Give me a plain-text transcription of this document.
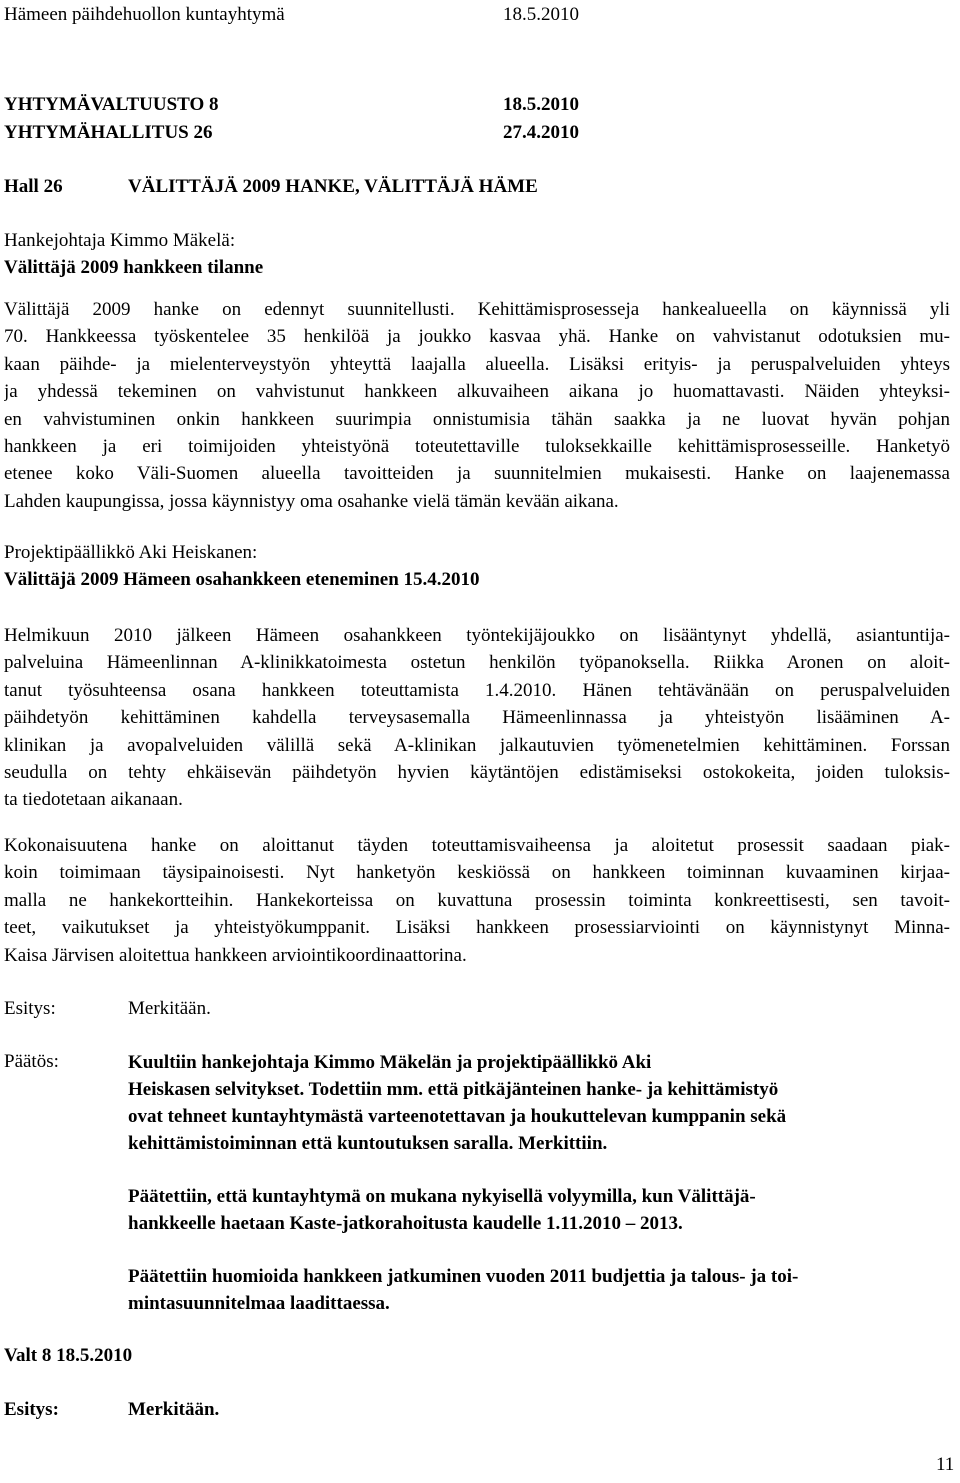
Hämeen päihdehuollon kuntayhtymä	18.5.2010
YHTYMÄVALTUUSTO 8	18.5.2010
YHTYMÄHALLITUS 26	27.4.2010
Hall 26	VÄLITTÄJÄ 2009 HANKE, VÄLITTÄJÄ HÄME
Hankejohtaja Kimmo Mäkelä:
Välittäjä 2009 hankkeen tilanne
Välittäjä 2009 hanke on edennyt suunnitellusti. Kehittämisprosesseja hankealueella on käynnissä yli
70. Hankkeessa työskentelee 35 henkilöä ja joukko kasvaa yhä. Hanke on vahvistanut odotuksien mu-
kaan päihde- ja mielenterveystyön yhteyttä laajalla alueella. Lisäksi erityis- ja peruspalveluiden yhteys
ja yhdessä tekeminen on vahvistunut hankkeen alkuvaiheen aikana jo huomattavasti. Näiden yhteyksi-
en vahvistuminen onkin hankkeen suurimpia onnistumisia tähän saakka ja ne luovat hyvän pohjan
hankkeen ja eri toimijoiden yhteistyönä toteutettaville tuloksekkaille kehittämisprosesseille. Hanketyö
etenee koko Väli-Suomen alueella tavoitteiden ja suunnitelmien mukaisesti. Hanke on laajenemassa
Lahden kaupungissa, jossa käynnistyy oma osahanke vielä tämän kevään aikana.
Projektipäällikkö Aki Heiskanen:
Välittäjä 2009 Hämeen osahankkeen eteneminen 15.4.2010
Helmikuun 2010 jälkeen Hämeen osahankkeen työntekijäjoukko on lisääntynyt yhdellä, asiantuntija-
palveluina Hämeenlinnan A-klinikkatoimesta ostetun henkilön työpanoksella. Riikka Aronen on aloit-
tanut työsuhteensa osana hankkeen toteuttamista 1.4.2010. Hänen tehtävänään on peruspalveluiden
päihdetyön kehittäminen kahdella terveysasemalla Hämeenlinnassa ja yhteistyön lisääminen A-
klinikan ja avopalveluiden välillä sekä A-klinikan jalkautuvien työmenetelmien kehittäminen. Forssan
seudulla on tehty ehkäisevän päihdetyön hyvien käytäntöjen edistämiseksi ostokokeita, joiden tuloksis-
ta tiedotetaan aikanaan.
Kokonaisuutena hanke on aloittanut täyden toteuttamisvaiheensa ja aloitetut prosessit saadaan piak-
koin toimimaan täysipainoisesti. Nyt hanketyön keskiössä on hankkeen toiminnan kuvaaminen kirjaa-
malla ne hankekortteihin. Hankekorteissa on kuvattuna prosessin toiminta konkreettisesti, sen tavoit-
teet, vaikutukset ja yhteistyökumppanit. Lisäksi hankkeen prosessiarviointi on käynnistynyt Minna-
Kaisa Järvisen aloitettua hankkeen arviointikoordinaattorina.
Esitys:	Merkitään.
Päätös:	Kuultiin hankejohtaja Kimmo Mäkelän ja projektipäällikkö Aki
Heiskasen selvitykset. Todettiin mm. että pitkäjänteinen hanke- ja kehittämistyö
ovat tehneet kuntayhtymästä varteenotettavan ja houkuttelevan kumppanin sekä
kehittämistoiminnan että kuntoutuksen saralla. Merkittiin.
Päätettiin, että kuntayhtymä on mukana nykyisellä volyymilla, kun Välittäjä-
hankkeelle haetaan Kaste-jatkorahoitusta kaudelle 1.11.2010 – 2013.
Päätettiin huomioida hankkeen jatkuminen vuoden 2011 budjettia ja talous- ja toi-
mintasuunnitelmaa laadittaessa.
Valt 8 18.5.2010
Esitys:	Merkitään.
11
